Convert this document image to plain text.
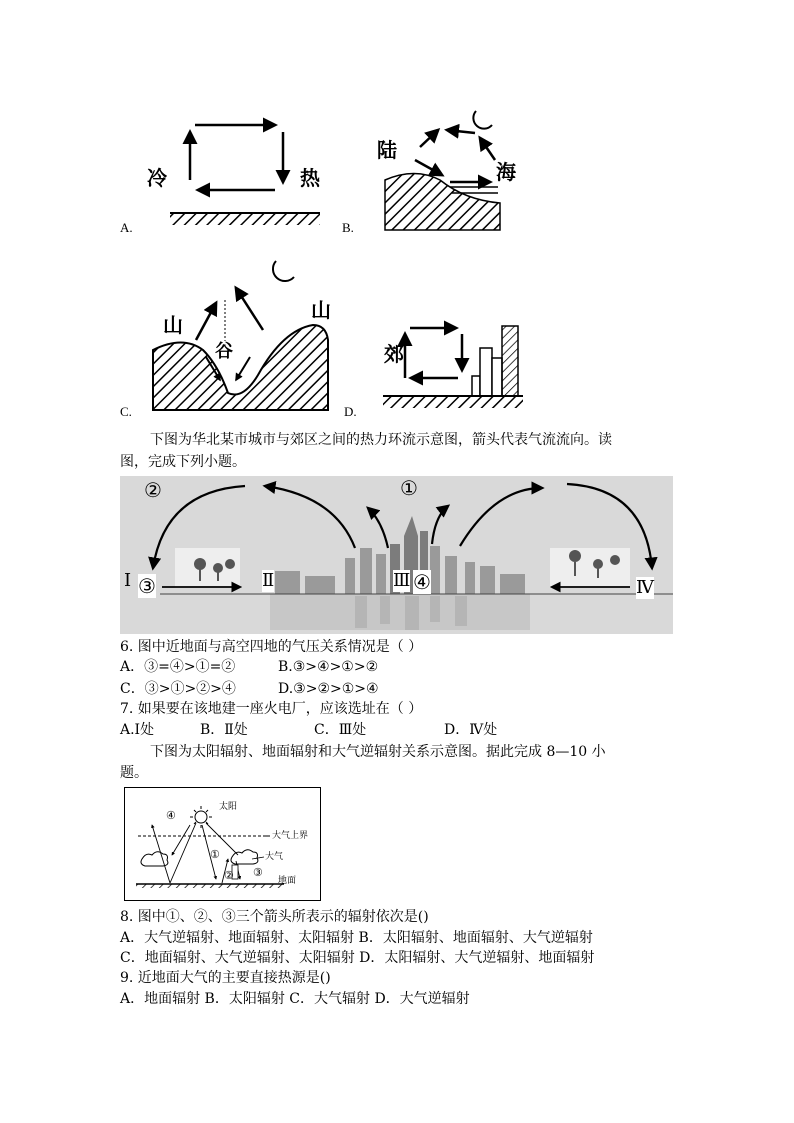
冷	热
A.
陆
海
B.
山
山
谷
C.
郊
D.
下图为华北某市城市与郊区之间的热力环流示意图，箭头代表气流流向。读
图，完成下列小题。
②	①
③	④
Ⅰ	Ⅱ	Ⅲ	Ⅳ
6. 图中近地面与高空四地的气压关系情况是（ ）
A．③=④>①=②	B.③>④>①>②
C．③>①>②>④	D.③>②>①>④
7. 如果要在该地建一座火电厂，应该选址在（ ）
A.Ⅰ处	B．Ⅱ处	C．Ⅲ处	D．Ⅳ处
下图为太阳辐射、地面辐射和大气逆辐射关系示意图。据此完成 8—10 小
题。
太阳
大气上界
大气
地面
④
①
② ③
8. 图中①、②、③三个箭头所表示的辐射依次是()
A．大气逆辐射、地面辐射、太阳辐射 B．太阳辐射、地面辐射、大气逆辐射
C．地面辐射、大气逆辐射、太阳辐射 D．太阳辐射、大气逆辐射、地面辐射
9. 近地面大气的主要直接热源是()
A．地面辐射 B．太阳辐射 C．大气辐射 D．大气逆辐射
